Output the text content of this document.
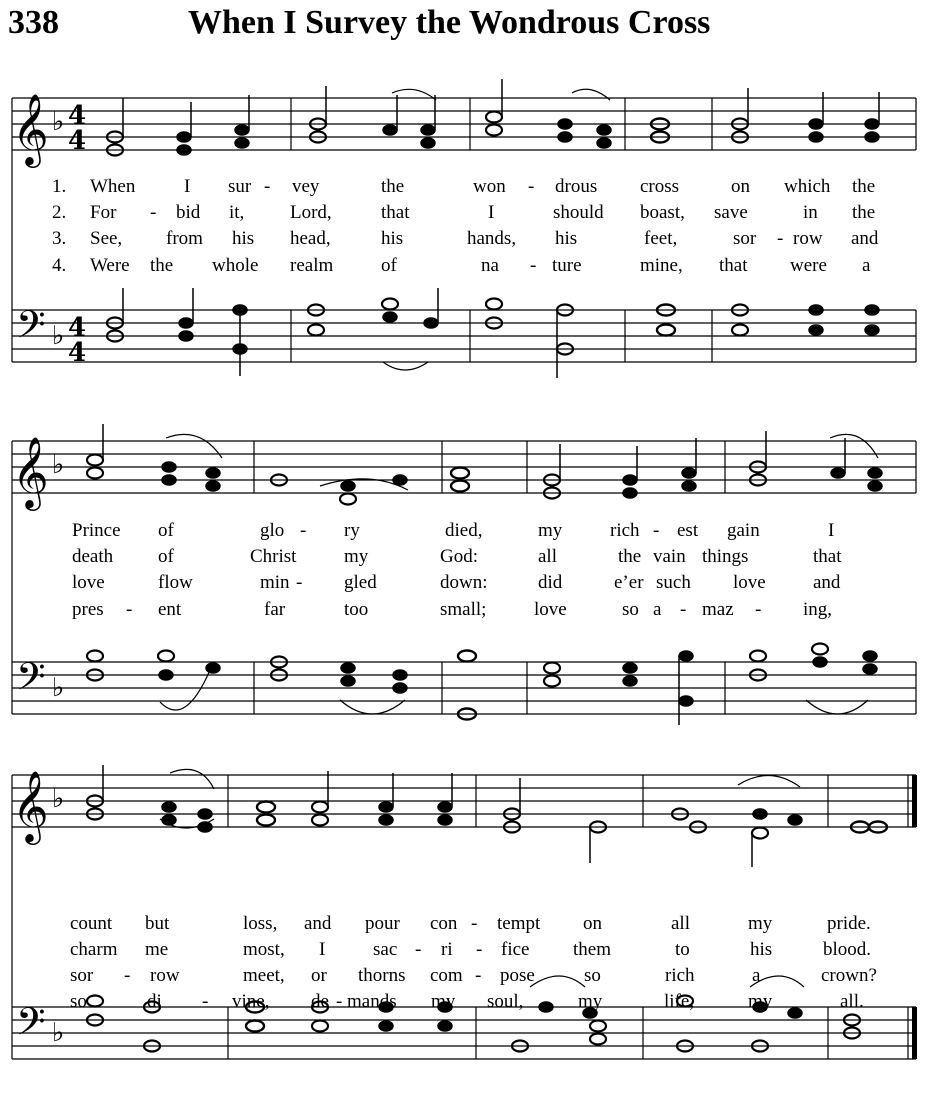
338	When I Survey the Wondrous Cross
𝄞
𝄢
♭
♭
4
4
4
4
1.
2.
3.
4.
When	I sur - vey	the	won - drous cross	on which the
For - bid it, Lord,	that	I	should boast, save	in the
See, from his head,	his	hands, his	feet,	sor - row and
Were the whole realm	of	na - ture	mine, that were a
𝄞
𝄢
♭
♭
Prince of	glo - ry	died,	my	rich - est gain	I
death of	Christ	my	God:	all	the vain things	that
love	flow	min - gled	down:	did	e’er such love and
pres - ent	far	too	small;	love	so a - maz - ing,
𝄞
𝄢
♭
♭
count but	loss, and pour con - tempt on	all	my	pride.
charm me	most, I	sac - ri - fice them	to	his	blood.
sor - row	meet, or thorns com - pose	so	rich	a	crown?
so	di - vine, de - mands my soul,	my	life,	my	all.
